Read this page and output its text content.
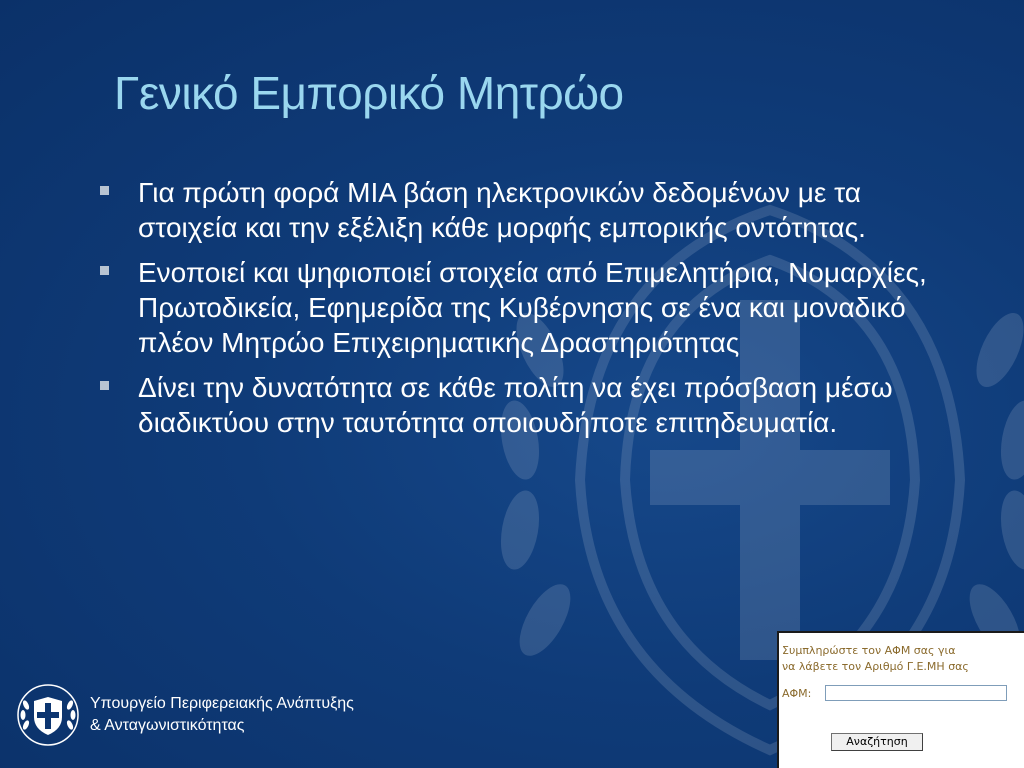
Γενικό Εμπορικό Μητρώο
Για πρώτη φορά ΜΙΑ βάση ηλεκτρονικών δεδομένων με τα στοιχεία και την εξέλιξη κάθε μορφής εμπορικής οντότητας.
Ενοποιεί και ψηφιοποιεί στοιχεία από Επιμελητήρια, Νομαρχίες, Πρωτοδικεία, Εφημερίδα της Κυβέρνησης σε ένα και μοναδικό πλέον Μητρώο Επιχειρηματικής Δραστηριότητας
Δίνει την δυνατότητα σε κάθε πολίτη να έχει πρόσβαση μέσω διαδικτύου στην ταυτότητα οποιουδήποτε επιτηδευματία.
Υπουργείο Περιφερειακής Ανάπτυξης
& Ανταγωνιστικότητας
Συμπληρώστε τον ΑΦΜ σας για
να λάβετε τον Αριθμό Γ.Ε.ΜΗ σας
ΑΦΜ:
Αναζήτηση
